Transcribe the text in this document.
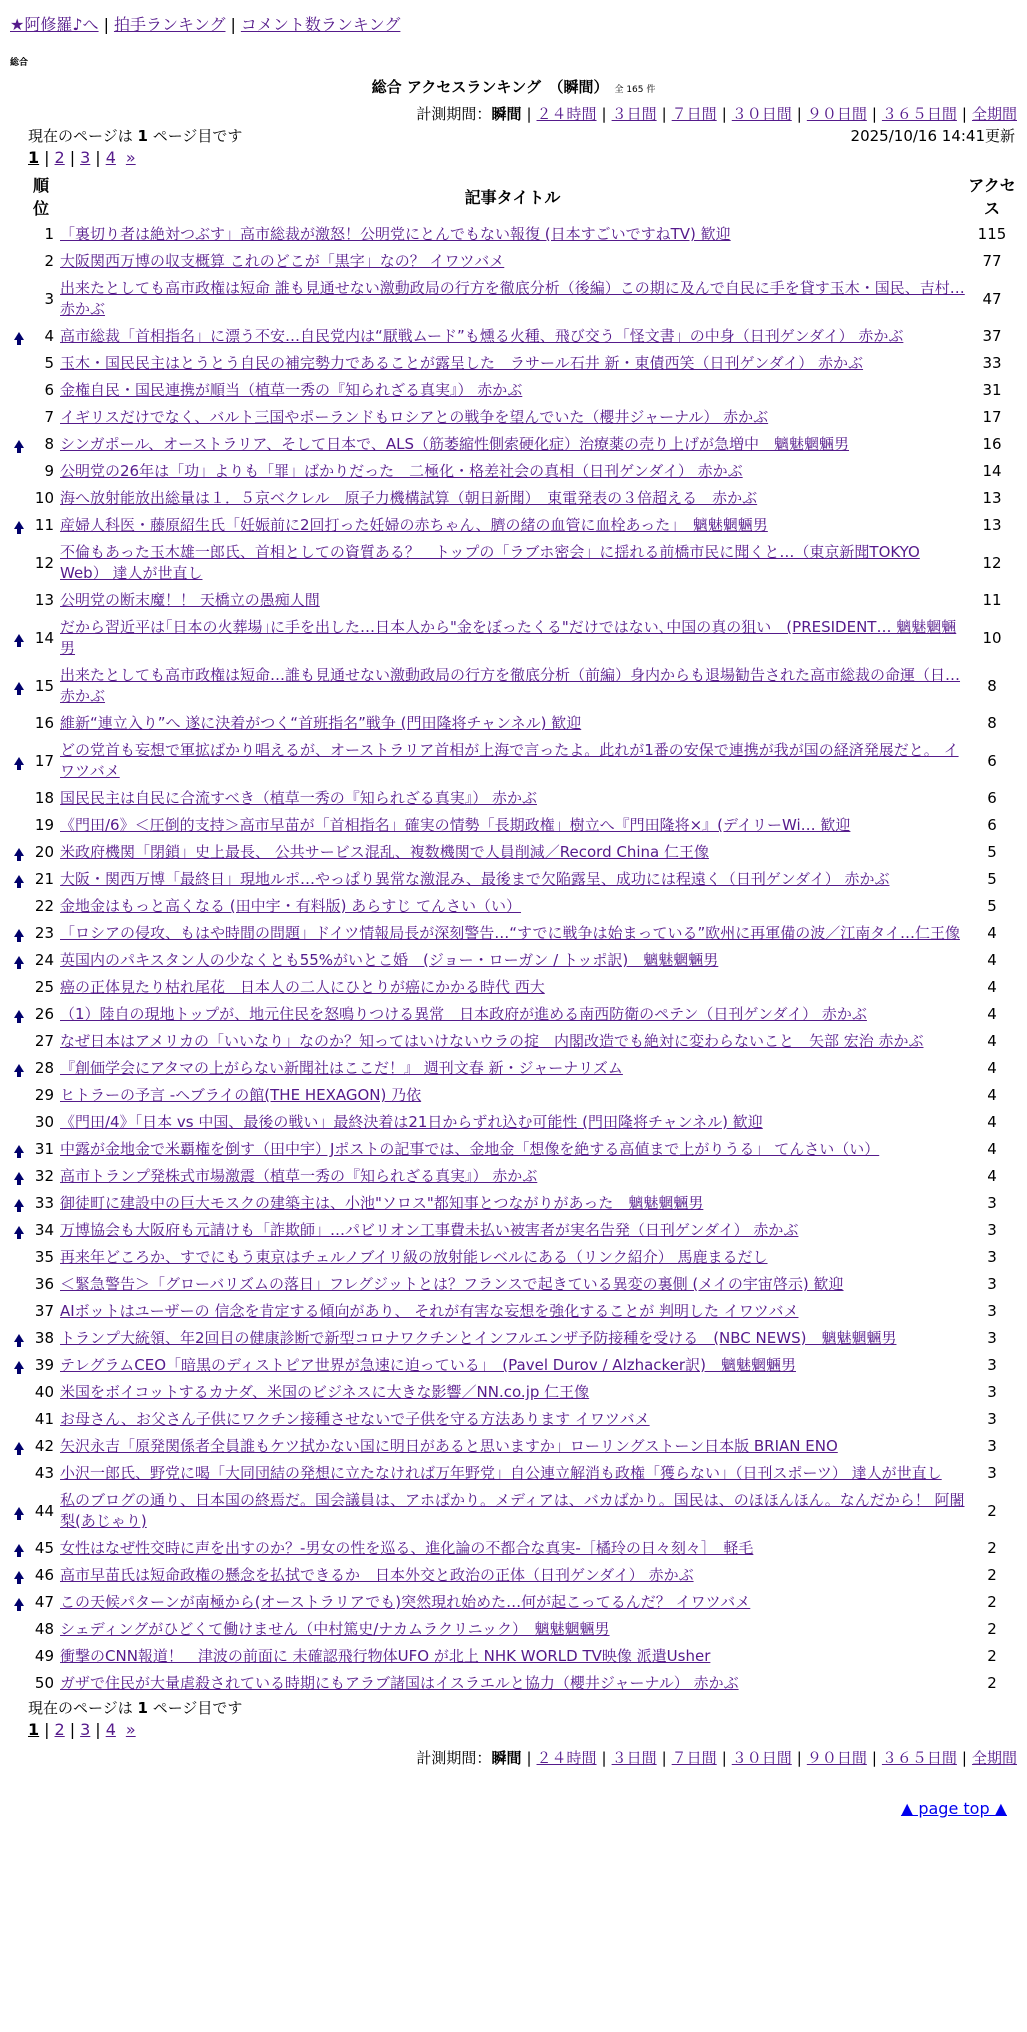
★阿修羅♪へ | 拍手ランキング | コメント数ランキング
総合
総合 アクセスランキング　（瞬間） 全 165 件
計測期間：瞬間 | ２４時間 | ３日間 | ７日間 | ３０日間 | ９０日間 | ３６５日間 | 全期間
現在のページは 1 ページ目です	2025/10/16 14:41更新
1 | 2 | 3 | 4 »
	順位	記事タイトル	アクセス
	1	「裏切り者は絶対つぶす」高市総裁が激怒！公明党にとんでもない報復 (日本すごいですねTV) 歓迎	115
	2	大阪関西万博の収支概算 これのどこが「黒字」なの？ イワツバメ	77
	3	出来たとしても高市政権は短命 誰も見通せない激動政局の行方を徹底分析（後編）この期に及んで自民に手を貸す玉木・国民、吉村… 赤かぶ	47
	4	高市総裁「首相指名」に漂う不安…自民党内は“厭戦ムード”も燻る火種、飛び交う「怪文書」の中身（日刊ゲンダイ） 赤かぶ	37
	5	玉木・国民民主はとうとう自民の補完勢力であることが露呈した　ラサール石井 新・東債西笑（日刊ゲンダイ） 赤かぶ	33
	6	金権自民・国民連携が順当（植草一秀の『知られざる真実』） 赤かぶ	31
	7	イギリスだけでなく、バルト三国やポーランドもロシアとの戦争を望んでいた（櫻井ジャーナル） 赤かぶ	17
	8	シンガポール、オーストラリア、そして日本で、ALS（筋萎縮性側索硬化症）治療薬の売り上げが急増中　魑魅魍魎男	16
	9	公明党の26年は「功」よりも「罪」ばかりだった　二極化・格差社会の真相（日刊ゲンダイ） 赤かぶ	14
	10	海へ放射能放出総量は１．５京ベクレル　原子力機構試算（朝日新聞）　東電発表の３倍超える　赤かぶ	13
	11	産婦人科医・藤原紹生氏「妊娠前に2回打った妊婦の赤ちゃん、臍の緒の血管に血栓あった」　魑魅魍魎男	13
	12	不倫もあった玉木雄一郎氏、首相としての資質ある？　トップの「ラブホ密会」に揺れる前橋市民に聞くと…（東京新聞TOKYO Web） 達人が世直し	12
	13	公明党の断末魔！！ 天橋立の愚痴人間	11
	14	だから習近平は｢日本の火葬場｣に手を出した…日本人から"金をぼったくる"だけではない､中国の真の狙い　(PRESIDENT… 魑魅魍魎男	10
	15	出来たとしても高市政権は短命…誰も見通せない激動政局の行方を徹底分析（前編）身内からも退場勧告された高市総裁の命運（日… 赤かぶ	8
	16	維新“連立入り”へ 遂に決着がつく“首班指名”戦争 (門田隆将チャンネル) 歓迎	8
	17	どの党首も妄想で軍拡ばかり唱えるが、オーストラリア首相が上海で言ったよ。此れが1番の安保で連携が我が国の経済発展だと。 イワツバメ	6
	18	国民民主は自民に合流すべき（植草一秀の『知られざる真実』） 赤かぶ	6
	19	《門田/6》＜圧倒的支持＞高市早苗が「首相指名」確実の情勢「長期政権」樹立へ『門田隆将×』(デイリーWi… 歓迎	6
	20	米政府機関「閉鎖」史上最長、 公共サービス混乱、複数機関で人員削減／Record China 仁王像	5
	21	大阪・関西万博「最終日」現地ルポ…やっぱり異常な激混み、最後まで欠陥露呈、成功には程遠く（日刊ゲンダイ） 赤かぶ	5
	22	金地金はもっと高くなる (田中宇・有料版) あらすじ てんさい（い）	5
	23	「ロシアの侵攻、もはや時間の問題」ドイツ情報局長が深刻警告…“すでに戦争は始まっている”欧州に再軍備の波／江南タイ…仁王像	4
	24	英国内のパキスタン人の少なくとも55%がいとこ婚　(ジョー・ローガン / トッポ訳)　魑魅魍魎男	4
	25	癌の正体見たり枯れ尾花　日本人の二人にひとりが癌にかかる時代 西大	4
	26	（1）陸自の現地トップが、地元住民を怒鳴りつける異常　日本政府が進める南西防衛のペテン（日刊ゲンダイ） 赤かぶ	4
	27	なぜ日本はアメリカの「いいなり」なのか？知ってはいけないウラの掟　内閣改造でも絶対に変わらないこと　矢部 宏治 赤かぶ	4
	28	『創価学会にアタマの上がらない新聞社はここだ！』 週刊文春 新・ジャーナリズム	4
	29	ヒトラーの予言 -ヘブライの館(THE HEXAGON) 乃依	4
	30	《門田/4》「日本 vs 中国、最後の戦い」最終決着は21日からずれ込む可能性 (門田隆将チャンネル) 歓迎	4
	31	中露が金地金で米覇権を倒す（田中宇）Jポストの記事では、金地金「想像を絶する高値まで上がりうる」 てんさい（い）	4
	32	高市トランプ発株式市場激震（植草一秀の『知られざる真実』） 赤かぶ	4
	33	御徒町に建設中の巨大モスクの建築主は、小池"ソロス"都知事とつながりがあった　魑魅魍魎男	3
	34	万博協会も大阪府も元請けも「詐欺師」…パビリオン工事費未払い被害者が実名告発（日刊ゲンダイ） 赤かぶ	3
	35	再来年どころか、すでにもう東京はチェルノブイリ級の放射能レベルにある（リンク紹介） 馬鹿まるだし	3
	36	＜緊急警告＞「グローバリズムの落日」フレグジットとは？フランスで起きている異変の裏側 (メイの宇宙啓示) 歓迎	3
	37	AIボットはユーザーの 信念を肯定する傾向があり、 それが有害な妄想を強化することが 判明した イワツバメ	3
	38	トランプ大統領、年2回目の健康診断で新型コロナワクチンとインフルエンザ予防接種を受ける　(NBC NEWS)　魑魅魍魎男	3
	39	テレグラムCEO「暗黒のディストピア世界が急速に迫っている」　(Pavel Durov / Alzhacker訳)　魑魅魍魎男	3
	40	米国をボイコットするカナダ、米国のビジネスに大きな影響／NN.co.jp 仁王像	3
	41	お母さん、お父さん子供にワクチン接種させないで子供を守る方法あります イワツバメ	3
	42	矢沢永吉「原発関係者全員誰もケツ拭かない国に明日があると思いますか」ローリングストーン日本版 BRIAN ENO	3
	43	小沢一郎氏、野党に喝「大同団結の発想に立たなければ万年野党」自公連立解消も政権「獲らない」（日刊スポーツ） 達人が世直し	3
	44	私のブログの通り、日本国の終焉だ。国会議員は、アホばかり。メディアは、バカばかり。国民は、のほほんほん。なんだから！ 阿闍梨(あじゃり)	2
	45	女性はなぜ性交時に声を出すのか？-男女の性を巡る、進化論の不都合な真実-［橘玲の日々刻々］　軽毛	2
	46	高市早苗氏は短命政権の懸念を払拭できるか　日本外交と政治の正体（日刊ゲンダイ） 赤かぶ	2
	47	この天候パターンが南極から(オーストラリアでも)突然現れ始めた…何が起こってるんだ？ イワツバメ	2
	48	シェディングがひどくて働けません（中村篤史/ナカムラクリニック）　魑魅魍魎男	2
	49	衝撃のCNN報道！　津波の前面に 未確認飛行物体UFO が北上 NHK WORLD TV映像 派遣Usher	2
	50	ガザで住民が大量虐殺されている時期にもアラブ諸国はイスラエルと協力（櫻井ジャーナル） 赤かぶ	2
現在のページは 1 ページ目です
1 | 2 | 3 | 4 »
計測期間：瞬間 | ２４時間 | ３日間 | ７日間 | ３０日間 | ９０日間 | ３６５日間 | 全期間
▲ page top ▲
